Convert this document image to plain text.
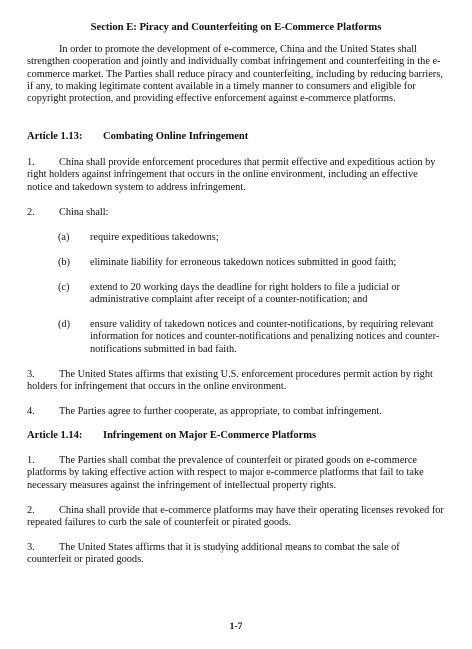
Section E: Piracy and Counterfeiting on E-Commerce Platforms
In order to promote the development of e-commerce, China and the United States shall strengthen cooperation and jointly and individually combat infringement and counterfeiting in the e-commerce market. The Parties shall reduce piracy and counterfeiting, including by reducing barriers, if any, to making legitimate content available in a timely manner to consumers and eligible for copyright protection, and providing effective enforcement against e-commerce platforms.
Article 1.13: Combating Online Infringement
1. China shall provide enforcement procedures that permit effective and expeditious action by right holders against infringement that occurs in the online environment, including an effective notice and takedown system to address infringement.
2. China shall:
(a) require expeditious takedowns;
(b) eliminate liability for erroneous takedown notices submitted in good faith;
(c) extend to 20 working days the deadline for right holders to file a judicial or administrative complaint after receipt of a counter-notification; and
(d) ensure validity of takedown notices and counter-notifications, by requiring relevant information for notices and counter-notifications and penalizing notices and counter-notifications submitted in bad faith.
3. The United States affirms that existing U.S. enforcement procedures permit action by right holders for infringement that occurs in the online environment.
4. The Parties agree to further cooperate, as appropriate, to combat infringement.
Article 1.14: Infringement on Major E-Commerce Platforms
1. The Parties shall combat the prevalence of counterfeit or pirated goods on e-commerce platforms by taking effective action with respect to major e-commerce platforms that fail to take necessary measures against the infringement of intellectual property rights.
2. China shall provide that e-commerce platforms may have their operating licenses revoked for repeated failures to curb the sale of counterfeit or pirated goods.
3. The United States affirms that it is studying additional means to combat the sale of counterfeit or pirated goods.
1-7
